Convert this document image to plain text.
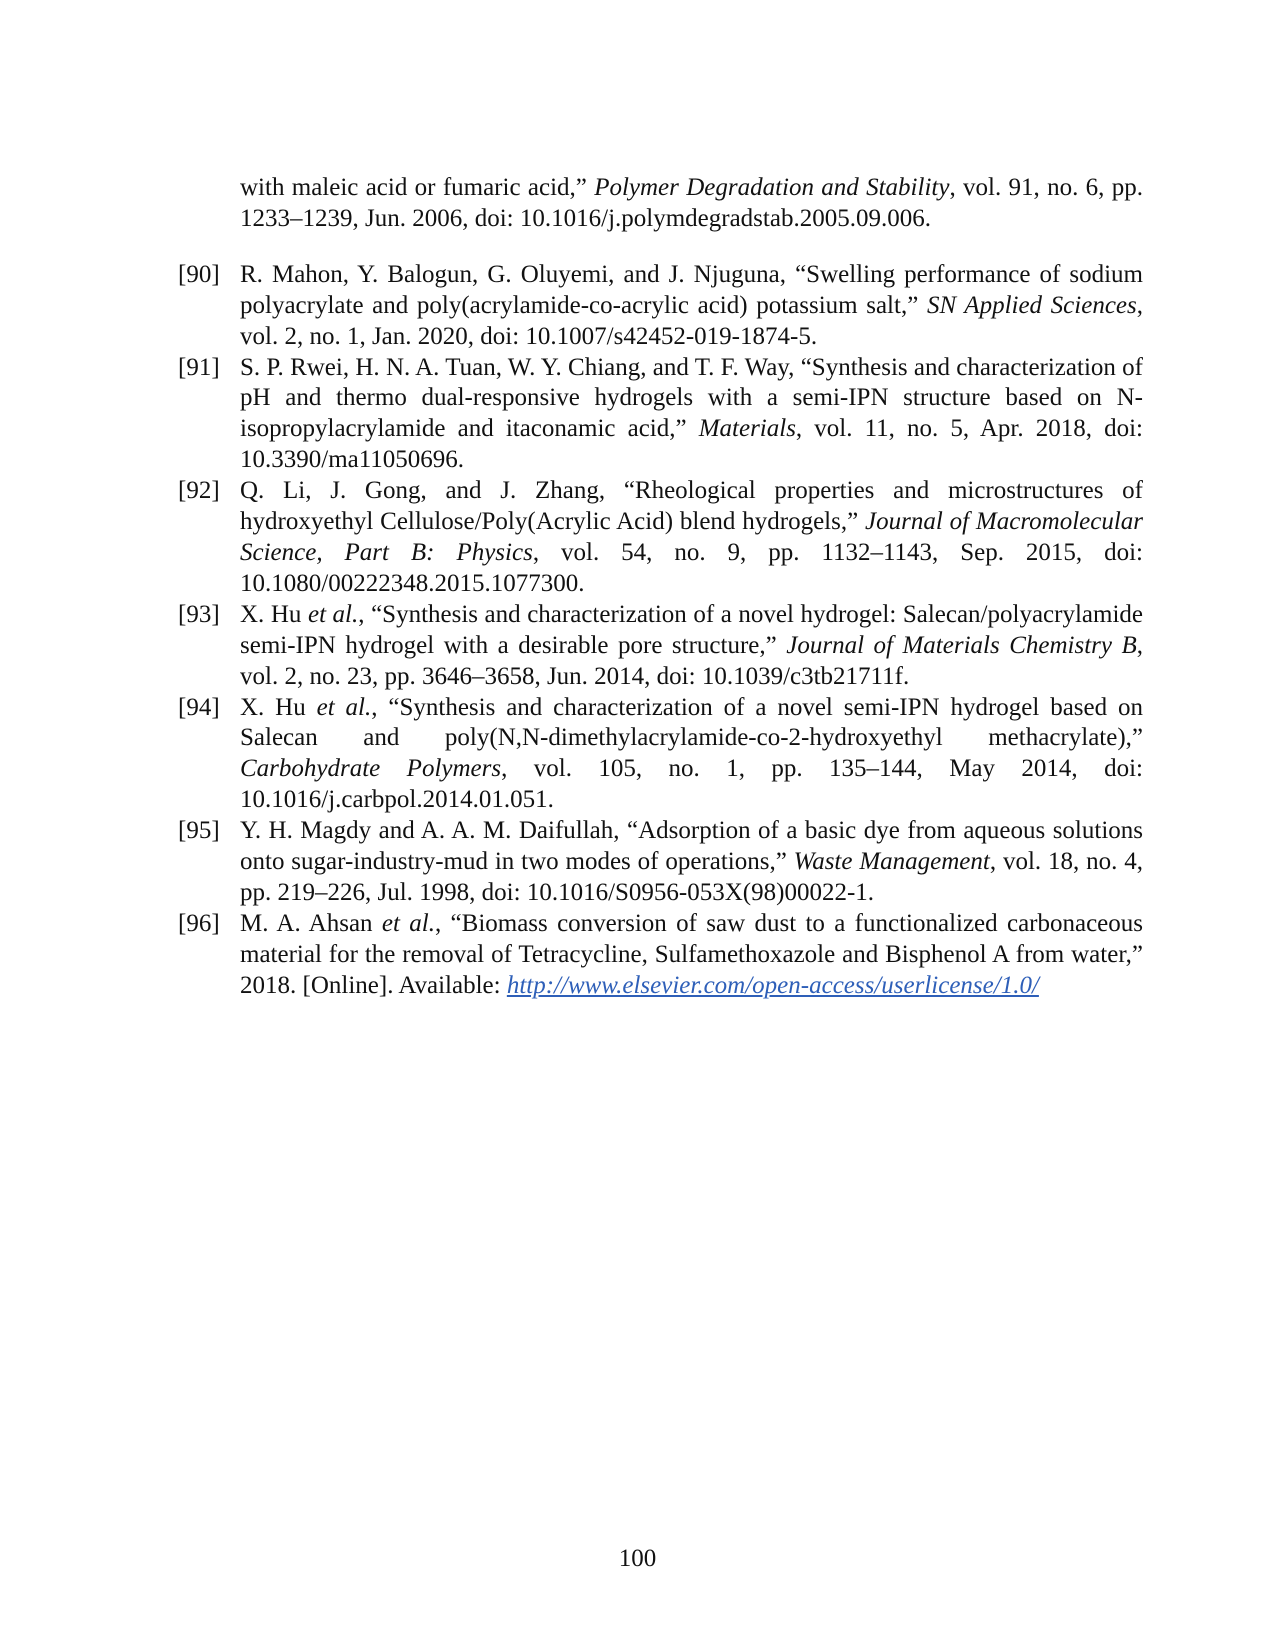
with maleic acid or fumaric acid,” Polymer Degradation and Stability, vol. 91, no. 6, pp. 1233–1239, Jun. 2006, doi: 10.1016/j.polymdegradstab.2005.09.006.

[90] R. Mahon, Y. Balogun, G. Oluyemi, and J. Njuguna, “Swelling performance of sodium polyacrylate and poly(acrylamide-co-acrylic acid) potassium salt,” SN Applied Sciences, vol. 2, no. 1, Jan. 2020, doi: 10.1007/s42452-019-1874-5.
[91] S. P. Rwei, H. N. A. Tuan, W. Y. Chiang, and T. F. Way, “Synthesis and characterization of pH and thermo dual-responsive hydrogels with a semi-IPN structure based on N-isopropylacrylamide and itaconamic acid,” Materials, vol. 11, no. 5, Apr. 2018, doi: 10.3390/ma11050696.
[92] Q. Li, J. Gong, and J. Zhang, “Rheological properties and microstructures of hydroxyethyl Cellulose/Poly(Acrylic Acid) blend hydrogels,” Journal of Macromolecular Science, Part B: Physics, vol. 54, no. 9, pp. 1132–1143, Sep. 2015, doi: 10.1080/00222348.2015.1077300.
[93] X. Hu et al., “Synthesis and characterization of a novel hydrogel: Salecan/polyacrylamide semi-IPN hydrogel with a desirable pore structure,” Journal of Materials Chemistry B, vol. 2, no. 23, pp. 3646–3658, Jun. 2014, doi: 10.1039/c3tb21711f.
[94] X. Hu et al., “Synthesis and characterization of a novel semi-IPN hydrogel based on Salecan and poly(N,N-dimethylacrylamide-co-2-hydroxyethyl methacrylate),” Carbohydrate Polymers, vol. 105, no. 1, pp. 135–144, May 2014, doi: 10.1016/j.carbpol.2014.01.051.
[95] Y. H. Magdy and A. A. M. Daifullah, “Adsorption of a basic dye from aqueous solutions onto sugar-industry-mud in two modes of operations,” Waste Management, vol. 18, no. 4, pp. 219–226, Jul. 1998, doi: 10.1016/S0956-053X(98)00022-1.
[96] M. A. Ahsan et al., “Biomass conversion of saw dust to a functionalized carbonaceous material for the removal of Tetracycline, Sulfamethoxazole and Bisphenol A from water,” 2018. [Online]. Available: http://www.elsevier.com/open-access/userlicense/1.0/
100
